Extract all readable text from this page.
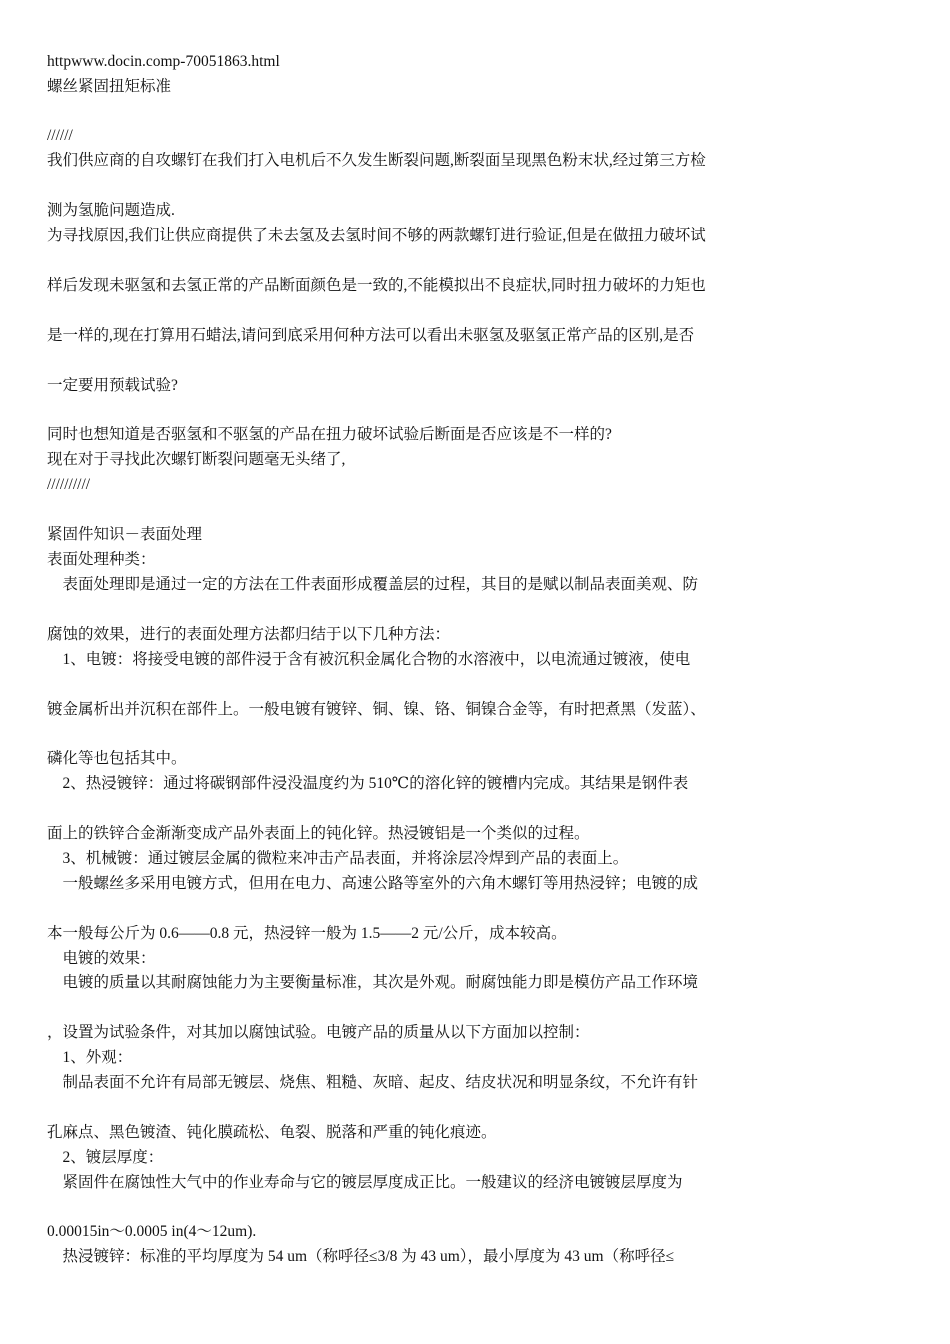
httpwww.docin.comp-70051863.html

螺丝紧固扭矩标准

//////

我们供应商的自攻螺钉在我们打入电机后不久发生断裂问题,断裂面呈现黑色粉末状,经过第三方检

测为氢脆问题造成.

为寻找原因,我们让供应商提供了未去氢及去氢时间不够的两款螺钉进行验证,但是在做扭力破坏试

样后发现未驱氢和去氢正常的产品断面颜色是一致的,不能模拟出不良症状,同时扭力破坏的力矩也

是一样的,现在打算用石蜡法,请问到底采用何种方法可以看出未驱氢及驱氢正常产品的区别,是否

一定要用预载试验?

同时也想知道是否驱氢和不驱氢的产品在扭力破坏试验后断面是否应该是不一样的?

现在对于寻找此次螺钉断裂问题毫无头绪了,

//////////

紧固件知识－表面处理

表面处理种类：

　表面处理即是通过一定的方法在工件表面形成覆盖层的过程，其目的是赋以制品表面美观、防

腐蚀的效果，进行的表面处理方法都归结于以下几种方法：

　1、电镀：将接受电镀的部件浸于含有被沉积金属化合物的水溶液中，以电流通过镀液，使电

镀金属析出并沉积在部件上。一般电镀有镀锌、铜、镍、铬、铜镍合金等，有时把煮黑（发蓝）、

磷化等也包括其中。

　2、热浸镀锌：通过将碳钢部件浸没温度约为 510℃的溶化锌的镀槽内完成。其结果是钢件表

面上的铁锌合金渐渐变成产品外表面上的钝化锌。热浸镀铝是一个类似的过程。

　3、机械镀：通过镀层金属的微粒来冲击产品表面，并将涂层冷焊到产品的表面上。

　一般螺丝多采用电镀方式，但用在电力、高速公路等室外的六角木螺钉等用热浸锌；电镀的成

本一般每公斤为 0.6——0.8 元，热浸锌一般为 1.5——2 元/公斤，成本较高。

　电镀的效果：

　电镀的质量以其耐腐蚀能力为主要衡量标准，其次是外观。耐腐蚀能力即是模仿产品工作环境

，设置为试验条件，对其加以腐蚀试验。电镀产品的质量从以下方面加以控制：

　1、外观：

　制品表面不允许有局部无镀层、烧焦、粗糙、灰暗、起皮、结皮状况和明显条纹，不允许有针

孔麻点、黑色镀渣、钝化膜疏松、龟裂、脱落和严重的钝化痕迹。

　2、镀层厚度：

　紧固件在腐蚀性大气中的作业寿命与它的镀层厚度成正比。一般建议的经济电镀镀层厚度为

0.00015in～0.0005 in(4～12um).

　热浸镀锌：标准的平均厚度为 54 um（称呼径≤3/8 为 43 um），最小厚度为 43 um（称呼径≤
